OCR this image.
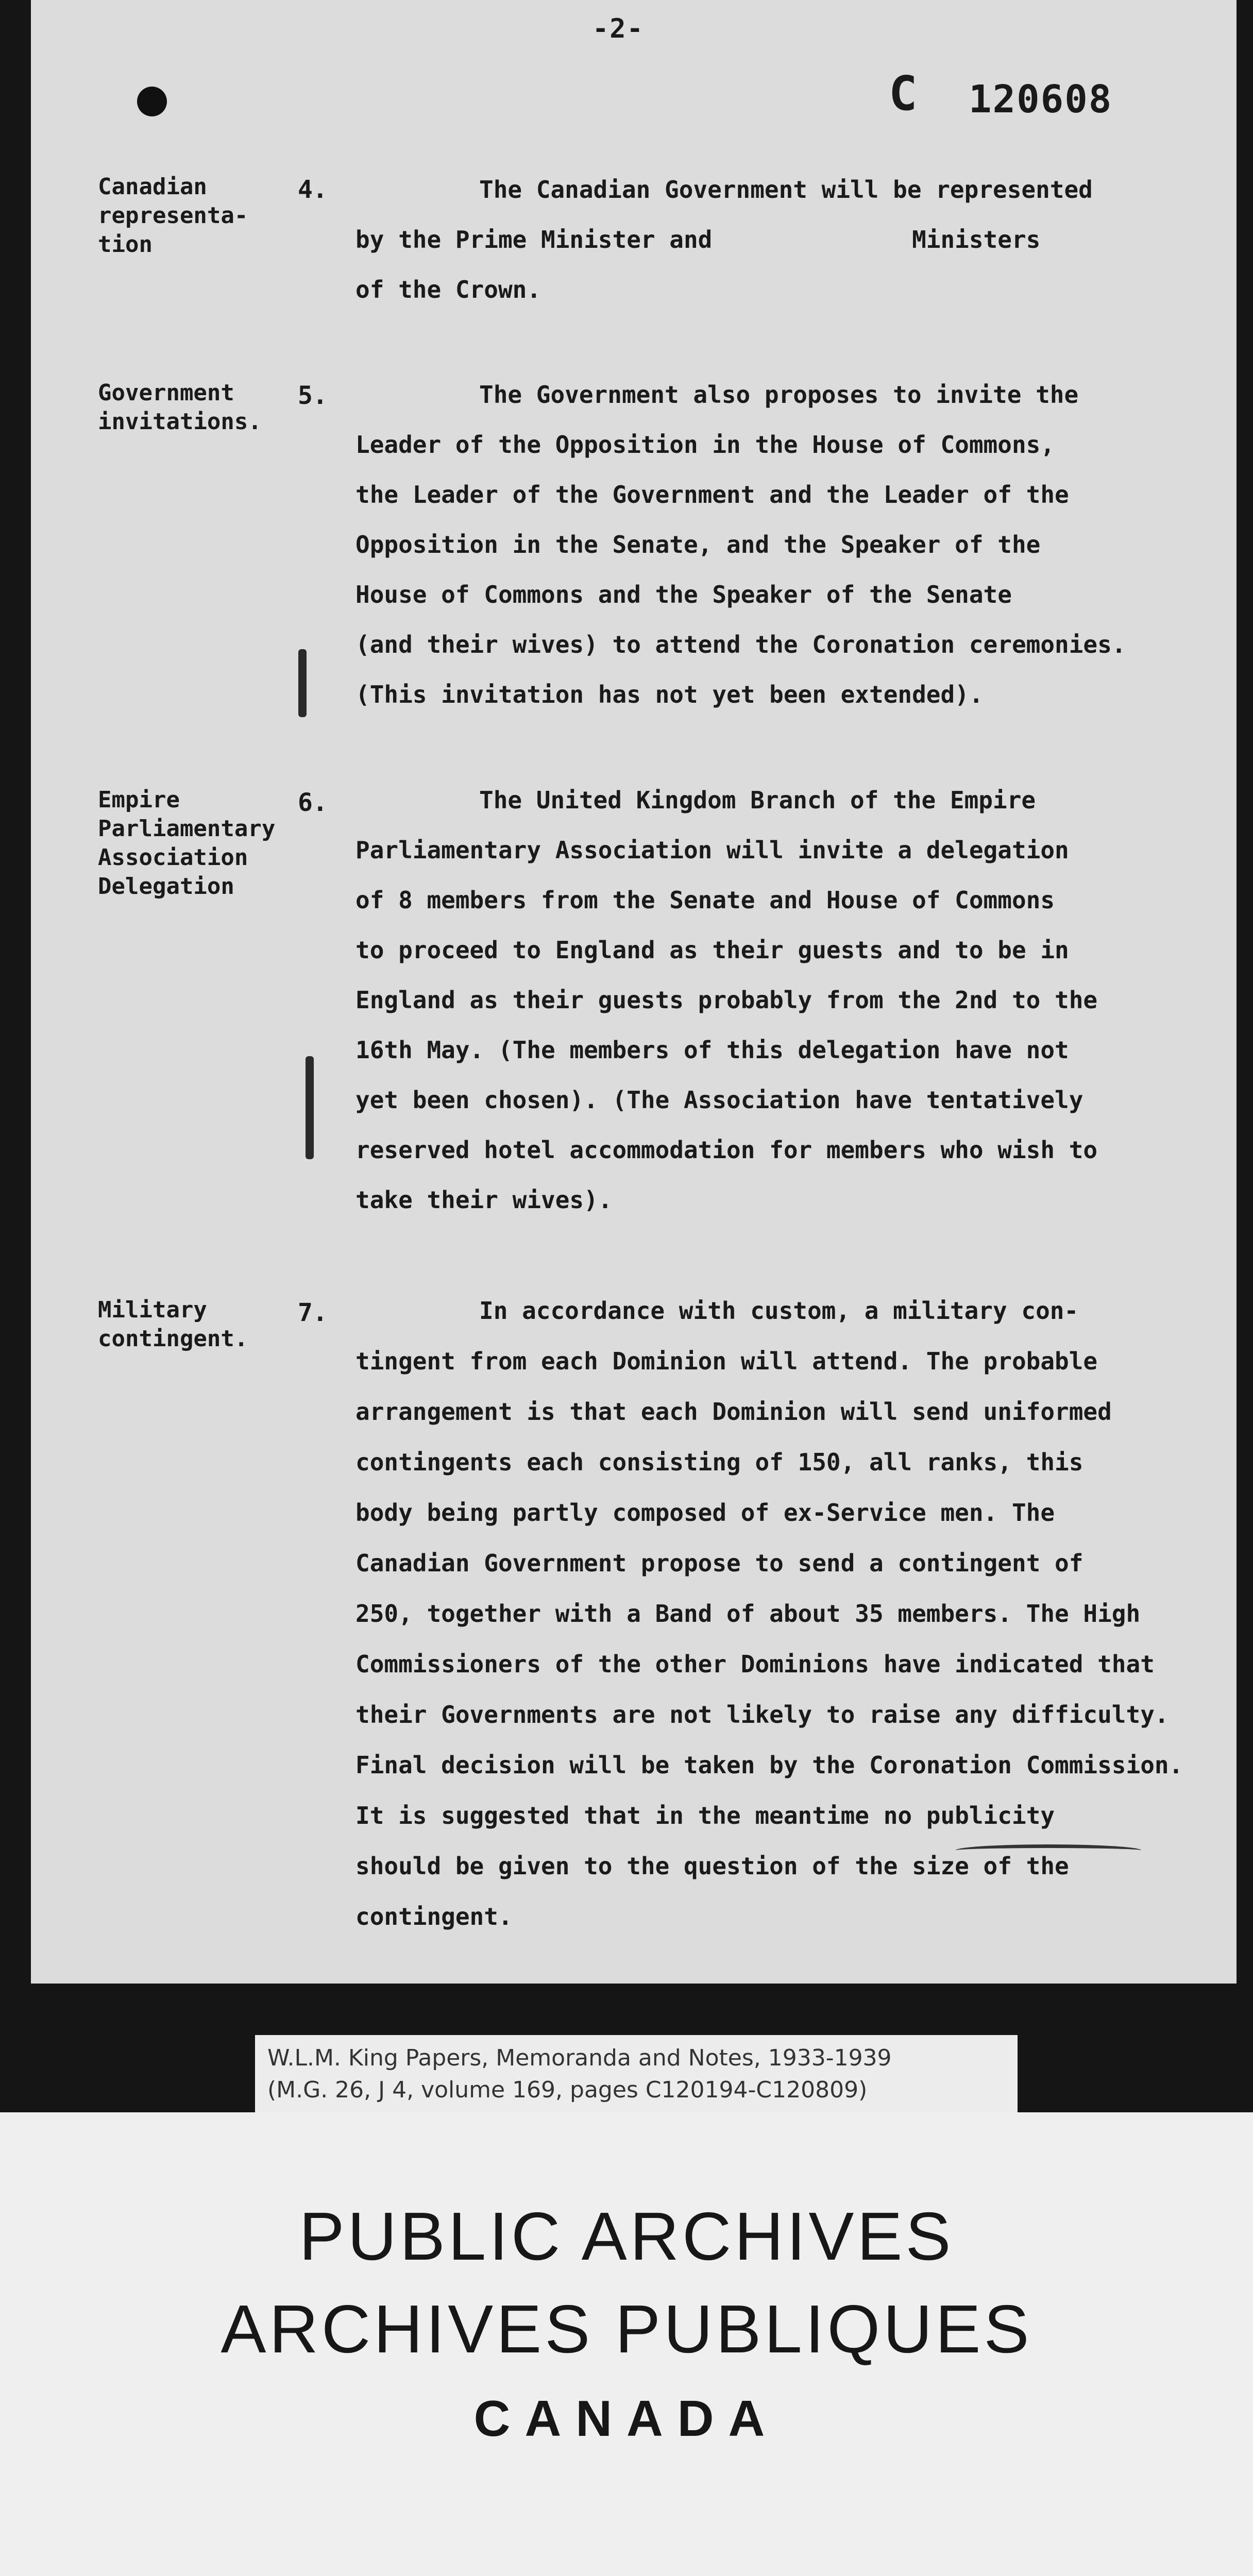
-2-
C 120608
Canadian
representa-
tion
4.	The Canadian Government will be represented
by the Prime Minister and              Ministers
of the Crown.
Government
invitations.
5.	The Government also proposes to invite the
Leader of the Opposition in the House of Commons,
the Leader of the Government and the Leader of the
Opposition in the Senate, and the Speaker of the
House of Commons and the Speaker of the Senate
(and their wives) to attend the Coronation ceremonies.
(This invitation has not yet been extended).
Empire
Parliamentary
Association
Delegation
6.	The United Kingdom Branch of the Empire
Parliamentary Association will invite a delegation
of 8 members from the Senate and House of Commons
to proceed to England as their guests and to be in
England as their guests probably from the 2nd to the
16th May. (The members of this delegation have not
yet been chosen). (The Association have tentatively
reserved hotel accommodation for members who wish to
take their wives).
Military
contingent.
7.	In accordance with custom, a military con-
tingent from each Dominion will attend. The probable
arrangement is that each Dominion will send uniformed
contingents each consisting of 150, all ranks, this
body being partly composed of ex-Service men. The
Canadian Government propose to send a contingent of
250, together with a Band of about 35 members. The High
Commissioners of the other Dominions have indicated that
their Governments are not likely to raise any difficulty.
Final decision will be taken by the Coronation Commission.
It is suggested that in the meantime no publicity
should be given to the question of the size of the
contingent.
W.L.M. King Papers, Memoranda and Notes, 1933-1939
(M.G. 26, J 4, volume 169, pages C120194-C120809)
PUBLIC ARCHIVES
ARCHIVES PUBLIQUES
CANADA
